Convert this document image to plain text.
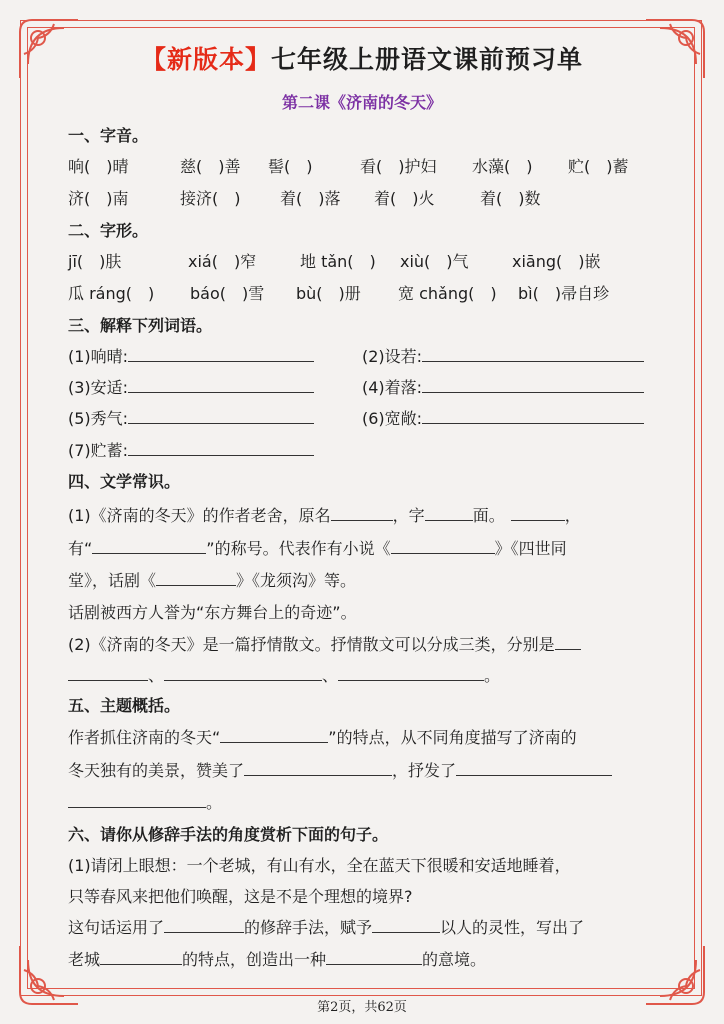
【新版本】七年级上册语文课前预习单
第二课《济南的冬天》
一、字音。
响(　)晴	慈(　)善 髻(　)	看(　)护妇 水藻(　) 贮(　)蓄
济(　)南	接济(　) 着(　)落 着(　)火	着(　)数
二、字形。
jī(　)肤	xiá(　)窄	地 tǎn(　) xiù(　)气	xiāng(　)嵌
瓜 ráng(　) báo(　)雪 bù(　)册 宽 chǎng(　) bì(　)帚自珍
三、解释下列词语。
(1)响晴:	(2)设若:
(3)安适:	(4)着落:
(5)秀气:	(6)宽敞:
(7)贮蓄:
四、文学常识。
(1)《济南的冬天》的作者老舍，原名	，字	面。	，
有“	”的称号。代表作有小说《	》《四世同
堂》，话剧《	》《龙须沟》等。
话剧被西方人誉为“东方舞台上的奇迹”。
(2)《济南的冬天》是一篇抒情散文。抒情散文可以分成三类，分别是
、	、	。
五、主题概括。
作者抓住济南的冬天“	”的特点，从不同角度描写了济南的
冬天独有的美景，赞美了	，抒发了
。
六、请你从修辞手法的角度赏析下面的句子。
(1)请闭上眼想：一个老城，有山有水，全在蓝天下很暖和安适地睡着，
只等春风来把他们唤醒，这是不是个理想的境界?
这句话运用了	的修辞手法，赋予	以人的灵性，写出了
老城	的特点，创造出一种	的意境。
第2页，共62页
